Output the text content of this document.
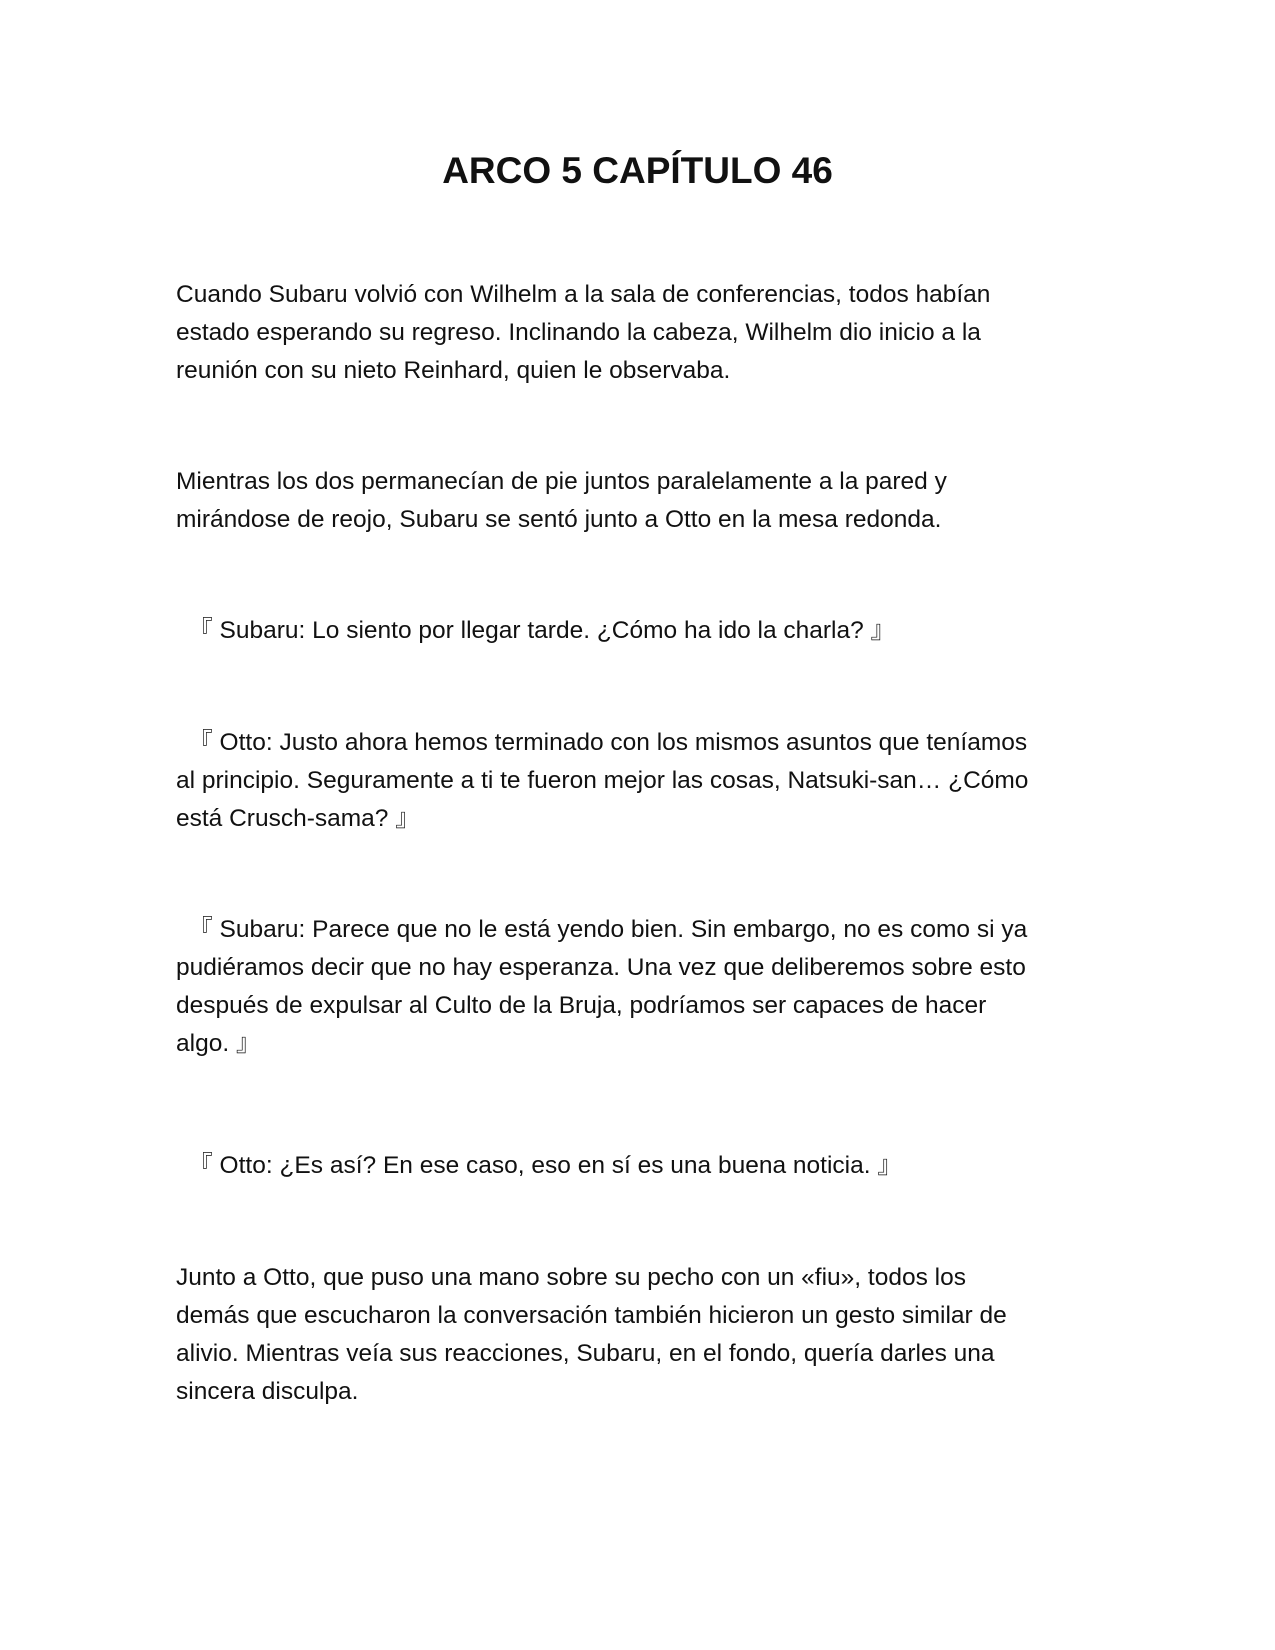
ARCO 5 CAPÍTULO 46
Cuando Subaru volvió con Wilhelm a la sala de conferencias, todos habían
estado esperando su regreso. Inclinando la cabeza, Wilhelm dio inicio a la
reunión con su nieto Reinhard, quien le observaba.
Mientras los dos permanecían de pie juntos paralelamente a la pared y
mirándose de reojo, Subaru se sentó junto a Otto en la mesa redonda.
　『 Subaru: Lo siento por llegar tarde. ¿Cómo ha ido la charla? 』
　『 Otto: Justo ahora hemos terminado con los mismos asuntos que teníamos
al principio. Seguramente a ti te fueron mejor las cosas, Natsuki-san… ¿Cómo
está Crusch-sama? 』
　『 Subaru: Parece que no le está yendo bien. Sin embargo, no es como si ya
pudiéramos decir que no hay esperanza. Una vez que deliberemos sobre esto
después de expulsar al Culto de la Bruja, podríamos ser capaces de hacer
algo. 』
　『 Otto: ¿Es así? En ese caso, eso en sí es una buena noticia. 』
Junto a Otto, que puso una mano sobre su pecho con un «fiu», todos los
demás que escucharon la conversación también hicieron un gesto similar de
alivio. Mientras veía sus reacciones, Subaru, en el fondo, quería darles una
sincera disculpa.
